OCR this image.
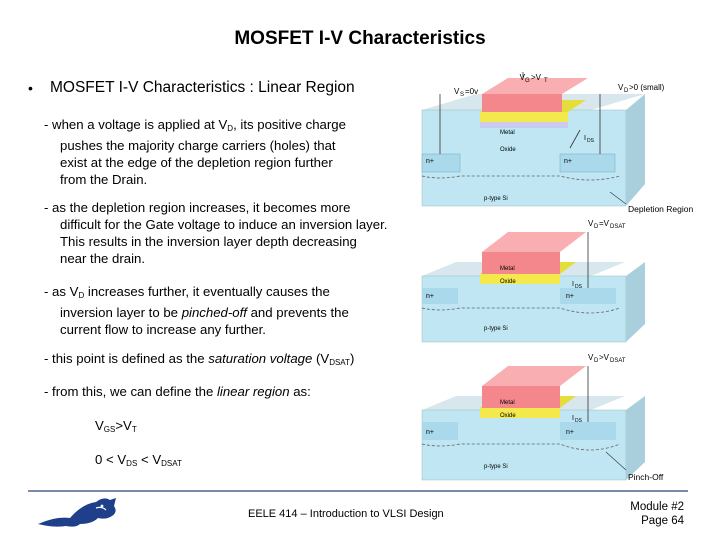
MOSFET I-V Characteristics
• MOSFET I-V Characteristics : Linear Region
- when a voltage is applied at $V_D$, its positive charge
pushes the majority charge carriers (holes) that
exist at the edge of the depletion region further
from the Drain.
- as the depletion region increases, it becomes more
difficult for the Gate voltage to induce an inversion layer.
This results in the inversion layer depth decreasing
near the drain.
- as $V_D$ increases further, it eventually causes the
inversion layer to be pinched-off and prevents the
current flow to increase any further.
- this point is defined as the saturation voltage $(V_{DSAT})$
- from this, we can define the linear region as:
$V_{GS}>V_T$
$0 < V_{DS} < V_{DSAT}$
V G >V T
V S =0v	V D >0 (small)
Metal
Oxide
n+	n+
I DS
p-type Si
Depletion Region
V D =V DSAT
Metal
Oxide
n+	n+
I DS
p-type Si
V D >V DSAT
Metal
Oxide
n+	n+
I DS
p-type Si
Pinch-Off
EELE 414 – Introduction to VLSI Design
Module #2
Page 64
